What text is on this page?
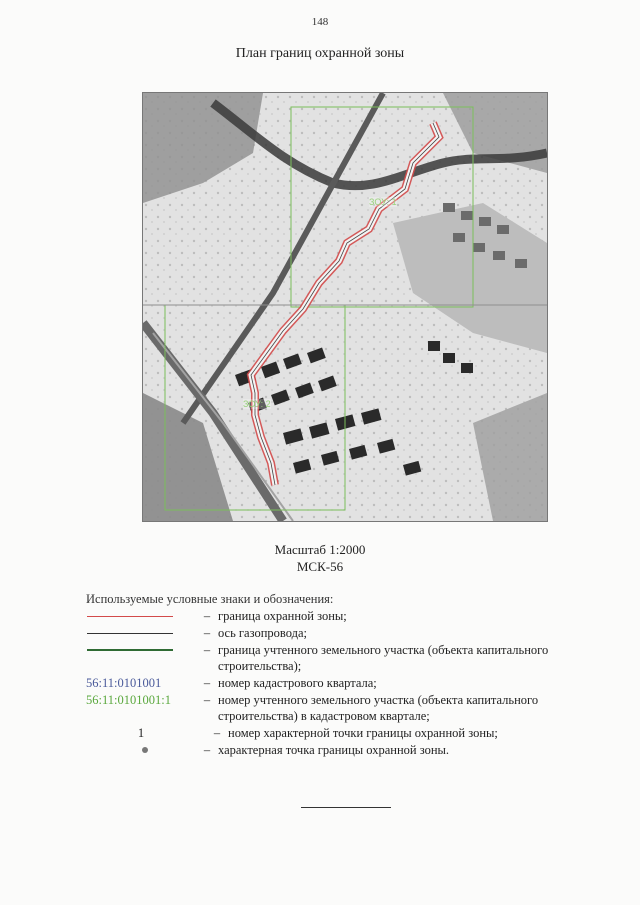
148
План границ охранной зоны
ЗОУ: 1
ЗОУ: 2
Масштаб 1:2000
МСК-56
Используемые условные знаки и обозначения:
– граница охранной зоны;
– ось газопровода;
– граница учтенного земельного участка (объекта капитального строительства);
56:11:0101001	– номер кадастрового квартала;
56:11:0101001:1	– номер учтенного земельного участка (объекта капитального строительства) в кадастровом квартале;
1	– номер характерной точки границы охранной зоны;
– характерная точка границы охранной зоны.
